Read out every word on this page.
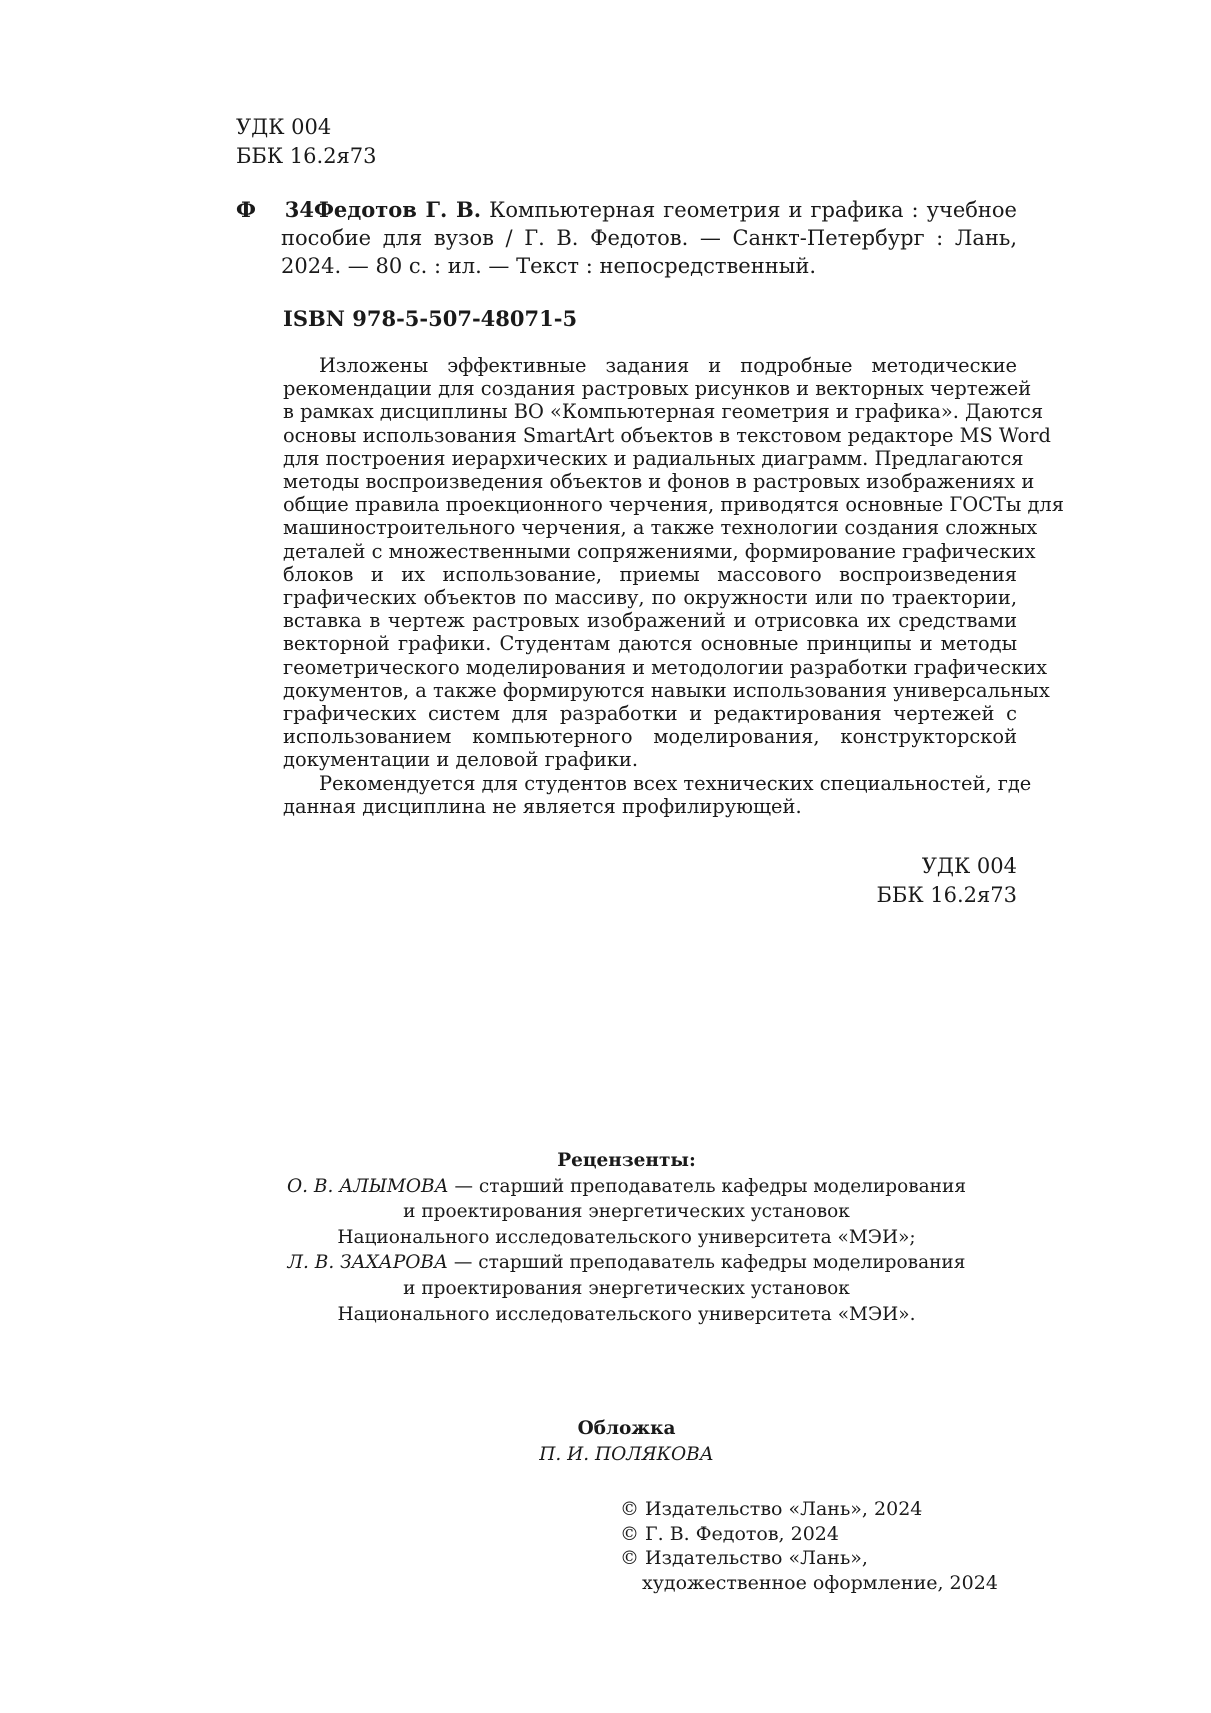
УДК 004
ББК 16.2я73
Ф 34Федотов Г. В. Компьютерная геометрия и графика : учебное
пособие для вузов / Г. В. Федотов. — Санкт-Петербург : Лань,
2024. — 80 с. : ил. — Текст : непосредственный.
ISBN 978-5-507-48071-5
Изложены эффективные задания и подробные методические
рекомендации для создания растровых рисунков и векторных чертежей
в рамках дисциплины ВО «Компьютерная геометрия и графика». Даются
основы использования SmartArt объектов в текстовом редакторе MS Word
для построения иерархических и радиальных диаграмм. Предлагаются
методы воспроизведения объектов и фонов в растровых изображениях и
общие правила проекционного черчения, приводятся основные ГОСТы для
машиностроительного черчения, а также технологии создания сложных
деталей с множественными сопряжениями, формирование графических
блоков и их использование, приемы массового воспроизведения
графических объектов по массиву, по окружности или по траектории,
вставка в чертеж растровых изображений и отрисовка их средствами
векторной графики. Студентам даются основные принципы и методы
геометрического моделирования и методологии разработки графических
документов, а также формируются навыки использования универсальных
графических систем для разработки и редактирования чертежей с
использованием компьютерного моделирования, конструкторской
документации и деловой графики.
Рекомендуется для студентов всех технических специальностей, где
данная дисциплина не является профилирующей.
УДК 004
ББК 16.2я73
Рецензенты:
О. В. АЛЫМОВА — старший преподаватель кафедры моделирования
и проектирования энергетических установок
Национального исследовательского университета «МЭИ»;
Л. В. ЗАХАРОВА — старший преподаватель кафедры моделирования
и проектирования энергетических установок
Национального исследовательского университета «МЭИ».
Обложка
П. И. ПОЛЯКОВА
© Издательство «Лань», 2024
© Г. В. Федотов, 2024
© Издательство «Лань»,
художественное оформление, 2024
